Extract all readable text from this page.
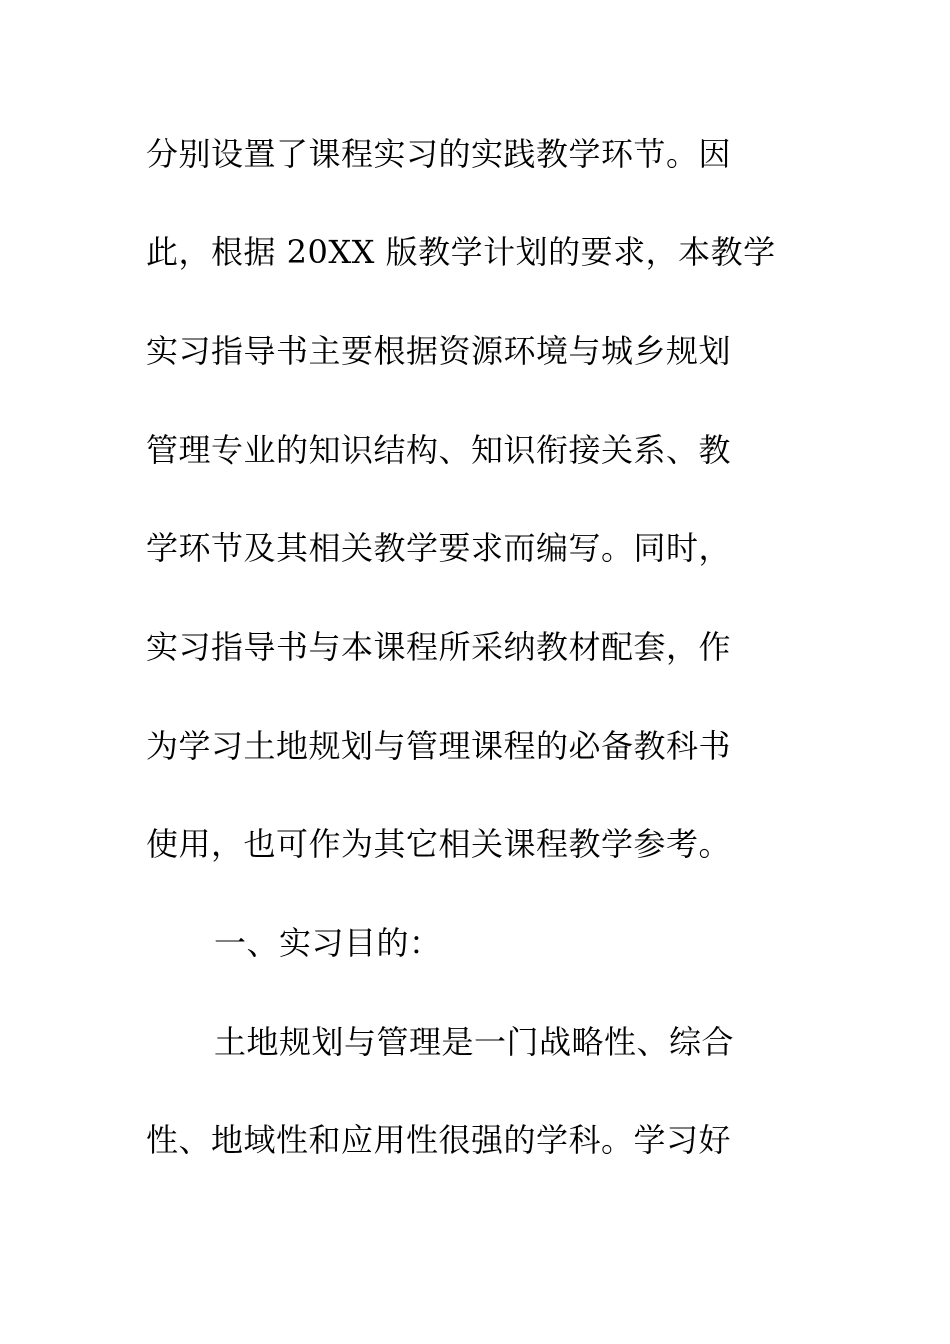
分别设置了课程实习的实践教学环节。因
此，根据 20XX 版教学计划的要求，本教学
实习指导书主要根据资源环境与城乡规划
管理专业的知识结构、知识衔接关系、教
学环节及其相关教学要求而编写。同时，
实习指导书与本课程所采纳教材配套，作
为学习土地规划与管理课程的必备教科书
使用，也可作为其它相关课程教学参考。
一、实习目的：
土地规划与管理是一门战略性、综合
性、地域性和应用性很强的学科。学习好
